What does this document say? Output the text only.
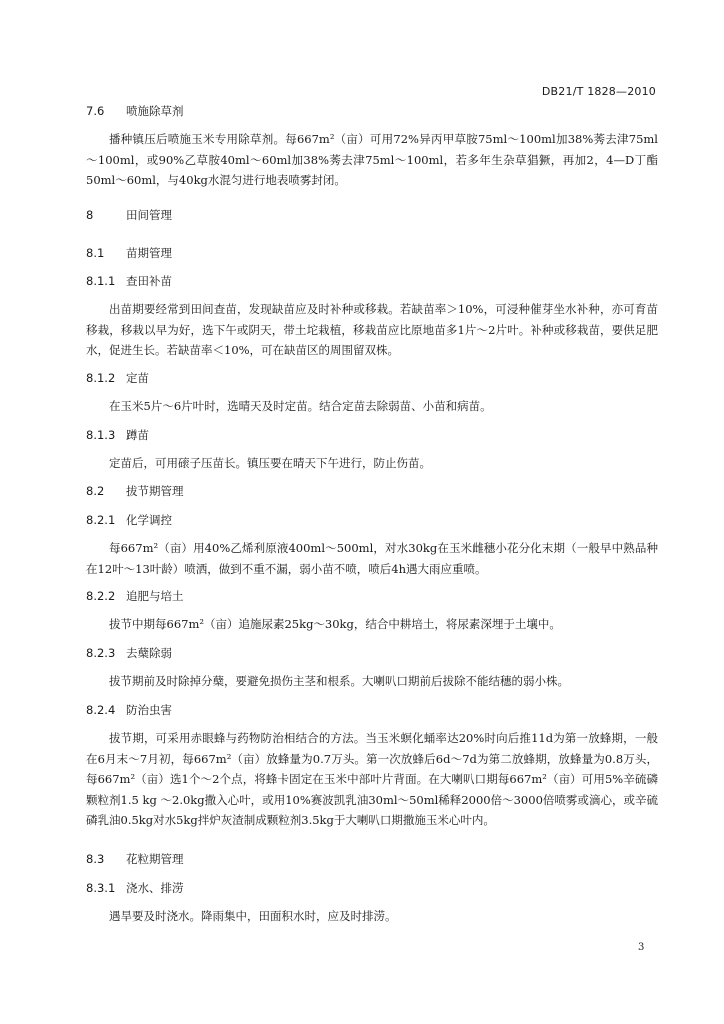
DB21/T 1828—2010
7.6 喷施除草剂

播种镇压后喷施玉米专用除草剂。每667m²（亩）可用72%异丙甲草胺75ml～100ml加38%莠去津75ml～100ml，或90%乙草胺40ml～60ml加38%莠去津75ml～100ml，若多年生杂草猖獗，再加2，4—D丁酯50ml～60ml，与40kg水混匀进行地表喷雾封闭。

8	田间管理
8.1 苗期管理
8.1.1 查田补苗

出苗期要经常到田间查苗，发现缺苗应及时补种或移栽。若缺苗率＞10%，可浸种催芽坐水补种，亦可育苗移栽，移栽以早为好，选下午或阴天，带土坨栽植，移栽苗应比原地苗多1片～2片叶。补种或移栽苗，要供足肥水，促进生长。若缺苗率＜10%，可在缺苗区的周围留双株。

8.1.2 定苗

在玉米5片～6片叶时，选晴天及时定苗。结合定苗去除弱苗、小苗和病苗。

8.1.3 蹲苗

定苗后，可用磙子压苗长。镇压要在晴天下午进行，防止伤苗。

8.2 拔节期管理
8.2.1 化学调控

每667m²（亩）用40%乙烯利原液400ml～500ml，对水30kg在玉米雌穗小花分化末期（一般早中熟品种在12叶～13叶龄）喷洒，做到不重不漏，弱小苗不喷，喷后4h遇大雨应重喷。

8.2.2 追肥与培土

拔节中期每667m²（亩）追施尿素25kg～30kg，结合中耕培土，将尿素深埋于土壤中。

8.2.3 去蘖除弱

拔节期前及时除掉分蘖，要避免损伤主茎和根系。大喇叭口期前后拔除不能结穗的弱小株。

8.2.4 防治虫害

拔节期，可采用赤眼蜂与药物防治相结合的方法。当玉米螟化蛹率达20%时向后推11d为第一放蜂期，一般在6月末～7月初，每667m²（亩）放蜂量为0.7万头。第一次放蜂后6d～7d为第二放蜂期，放蜂量为0.8万头，每667m²（亩）选1个～2个点，将蜂卡固定在玉米中部叶片背面。在大喇叭口期每667m²（亩）可用5%辛硫磷颗粒剂1.5 kg ～2.0kg撒入心叶，或用10%赛波凯乳油30ml～50ml稀释2000倍～3000倍喷雾或滴心，或辛硫磷乳油0.5kg对水5kg拌炉灰渣制成颗粒剂3.5kg于大喇叭口期撒施玉米心叶内。

8.3 花粒期管理
8.3.1 浇水、排涝

遇旱要及时浇水。降雨集中，田面积水时，应及时排涝。

3
